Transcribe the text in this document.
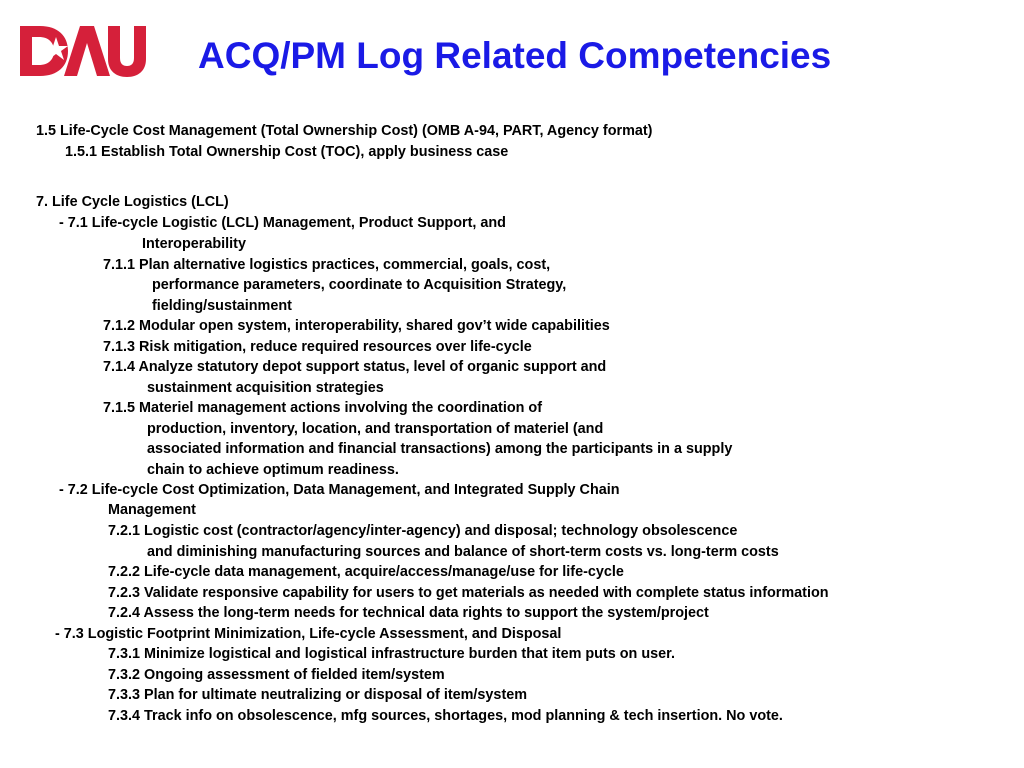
DAU
ACQ/PM Log Related Competencies
1.5 Life-Cycle Cost Management (Total Ownership Cost) (OMB A-94, PART, Agency format)
1.5.1 Establish Total Ownership Cost (TOC), apply business case
7. Life Cycle Logistics (LCL)
- 7.1 Life-cycle Logistic (LCL) Management, Product Support, and
Interoperability
7.1.1 Plan alternative logistics practices, commercial, goals, cost,
performance parameters, coordinate to Acquisition Strategy,
fielding/sustainment
7.1.2 Modular open system, interoperability, shared gov’t wide capabilities
7.1.3 Risk mitigation, reduce required resources over life-cycle
7.1.4 Analyze statutory depot support status, level of organic support and
sustainment acquisition strategies
7.1.5 Materiel management actions involving the coordination of
production, inventory, location, and transportation of materiel (and
associated information and financial transactions) among the participants in a supply
chain to achieve optimum readiness.
- 7.2 Life-cycle Cost Optimization, Data Management, and Integrated Supply Chain
Management
7.2.1 Logistic cost (contractor/agency/inter-agency) and disposal; technology obsolescence
and diminishing manufacturing sources and balance of short-term costs vs. long-term costs
7.2.2 Life-cycle data management, acquire/access/manage/use for life-cycle
7.2.3 Validate responsive capability for users to get materials as needed with complete status information
7.2.4 Assess the long-term needs for technical data rights to support the system/project
- 7.3 Logistic Footprint Minimization, Life-cycle Assessment, and Disposal
7.3.1 Minimize logistical and logistical infrastructure burden that item puts on user.
7.3.2 Ongoing assessment of fielded item/system
7.3.3 Plan for ultimate neutralizing or disposal of item/system
7.3.4 Track info on obsolescence, mfg sources, shortages, mod planning & tech insertion. No vote.
